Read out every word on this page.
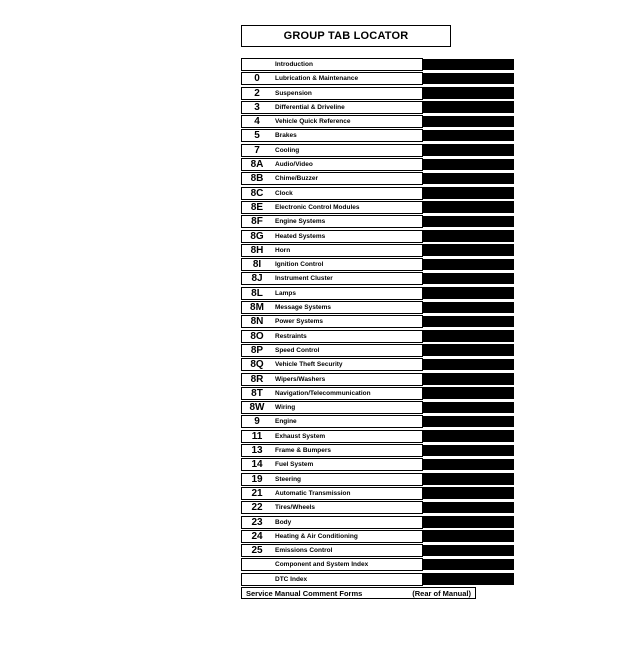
GROUP TAB LOCATOR
Introduction
0	Lubrication & Maintenance
2	Suspension
3	Differential & Driveline
4	Vehicle Quick Reference
5	Brakes
7	Cooling
8A	Audio/Video
8B	Chime/Buzzer
8C	Clock
8E	Electronic Control Modules
8F	Engine Systems
8G	Heated Systems
8H	Horn
8I	Ignition Control
8J	Instrument Cluster
8L	Lamps
8M	Message Systems
8N	Power Systems
8O	Restraints
8P	Speed Control
8Q	Vehicle Theft Security
8R	Wipers/Washers
8T	Navigation/Telecommunication
8W	Wiring
9	Engine
11	Exhaust System
13	Frame & Bumpers
14	Fuel System
19	Steering
21	Automatic Transmission
22	Tires/Wheels
23	Body
24	Heating & Air Conditioning
25	Emissions Control
Component and System Index
DTC Index
Service Manual Comment Forms	(Rear of Manual)
